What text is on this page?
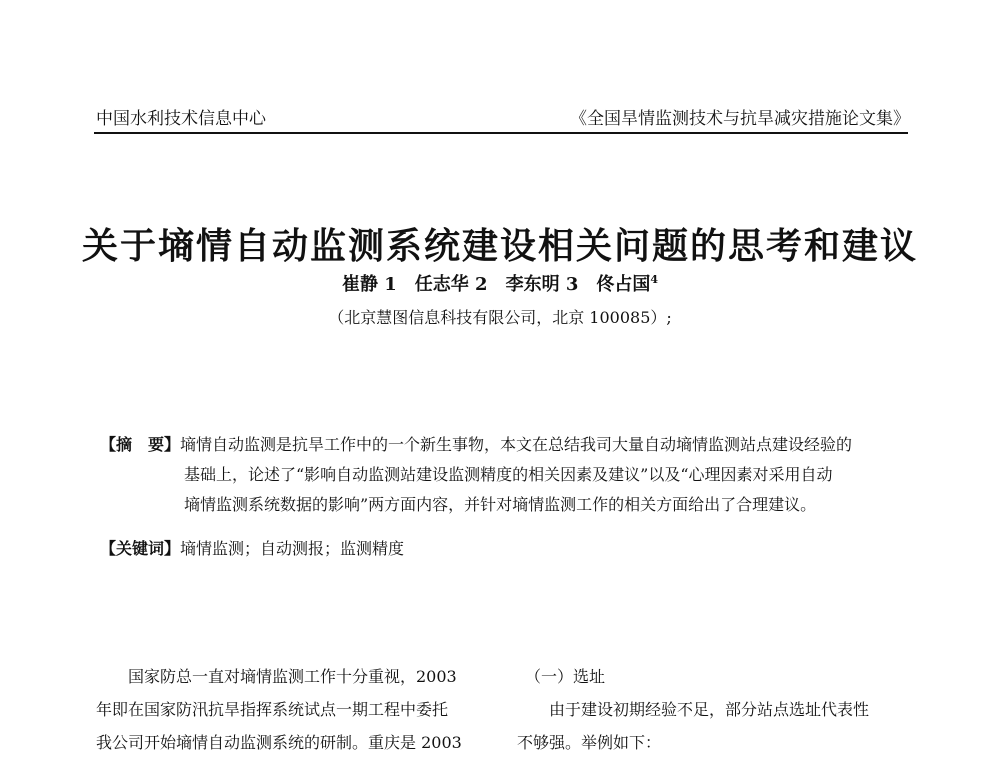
中国水利技术信息中心	《全国旱情监测技术与抗旱减灾措施论文集》
关于墒情自动监测系统建设相关问题的思考和建议
崔静 1　任志华 2　李东明 3　佟占国$^4$
（北京慧图信息科技有限公司，北京 100085）;
【摘　要】墒情自动监测是抗旱工作中的一个新生事物，本文在总结我司大量自动墒情监测站点建设经验的
基础上，论述了“影响自动监测站建设监测精度的相关因素及建议”以及“心理因素对采用自动
墒情监测系统数据的影响”两方面内容，并针对墒情监测工作的相关方面给出了合理建议。
【关键词】墒情监测；自动测报；监测精度
　　国家防总一直对墒情监测工作十分重视，2003
年即在国家防汛抗旱指挥系统试点一期工程中委托
我公司开始墒情自动监测系统的研制。重庆是 2003
　（一）选址
　　由于建设初期经验不足，部分站点选址代表性
不够强。举例如下：
